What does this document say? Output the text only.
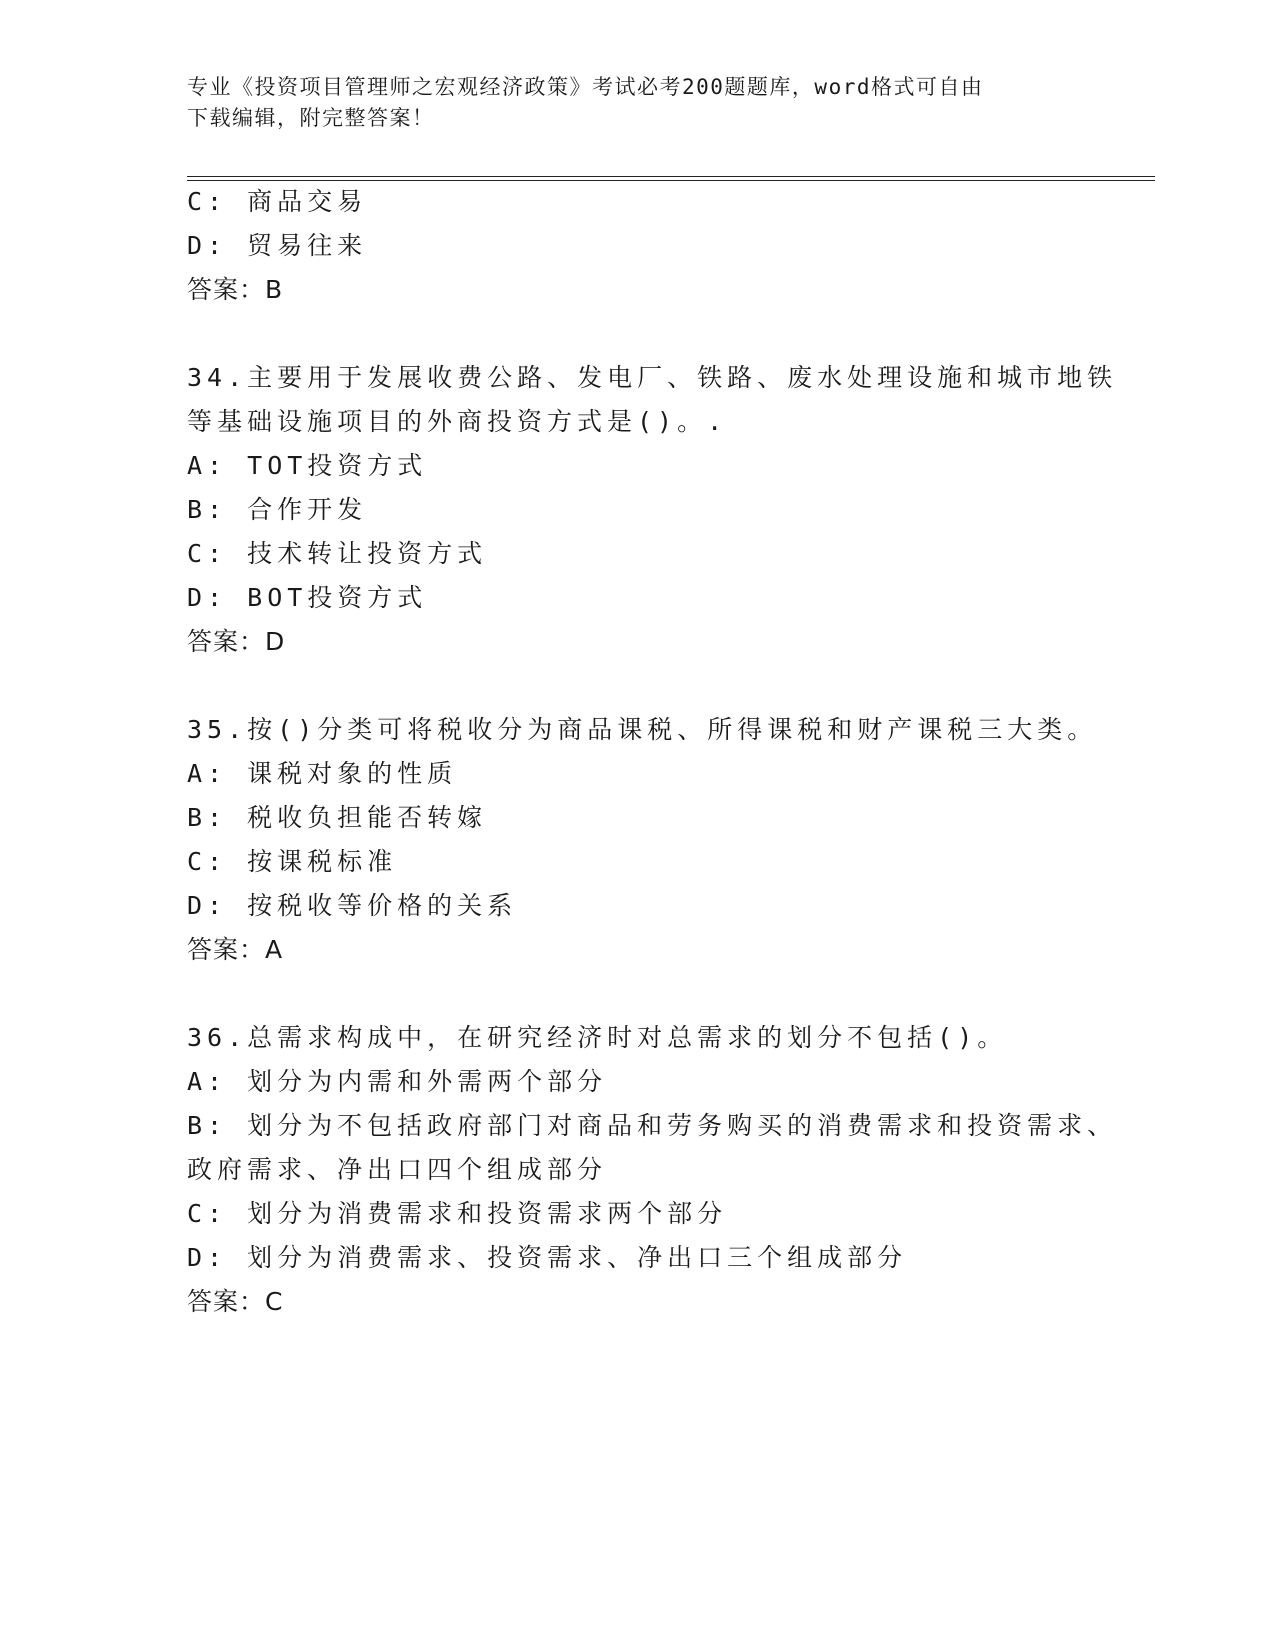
专业《投资项目管理师之宏观经济政策》考试必考200题题库，word格式可自由
下载编辑，附完整答案！
C: 商品交易
D: 贸易往来
答案：B
34.主要用于发展收费公路、发电厂、铁路、废水处理设施和城市地铁
等基础设施项目的外商投资方式是()。.
A: TOT投资方式
B: 合作开发
C: 技术转让投资方式
D: BOT投资方式
答案：D
35.按()分类可将税收分为商品课税、所得课税和财产课税三大类。
A: 课税对象的性质
B: 税收负担能否转嫁
C: 按课税标准
D: 按税收等价格的关系
答案：A
36.总需求构成中，在研究经济时对总需求的划分不包括()。
A: 划分为内需和外需两个部分
B: 划分为不包括政府部门对商品和劳务购买的消费需求和投资需求、
政府需求、净出口四个组成部分
C: 划分为消费需求和投资需求两个部分
D: 划分为消费需求、投资需求、净出口三个组成部分
答案：C
